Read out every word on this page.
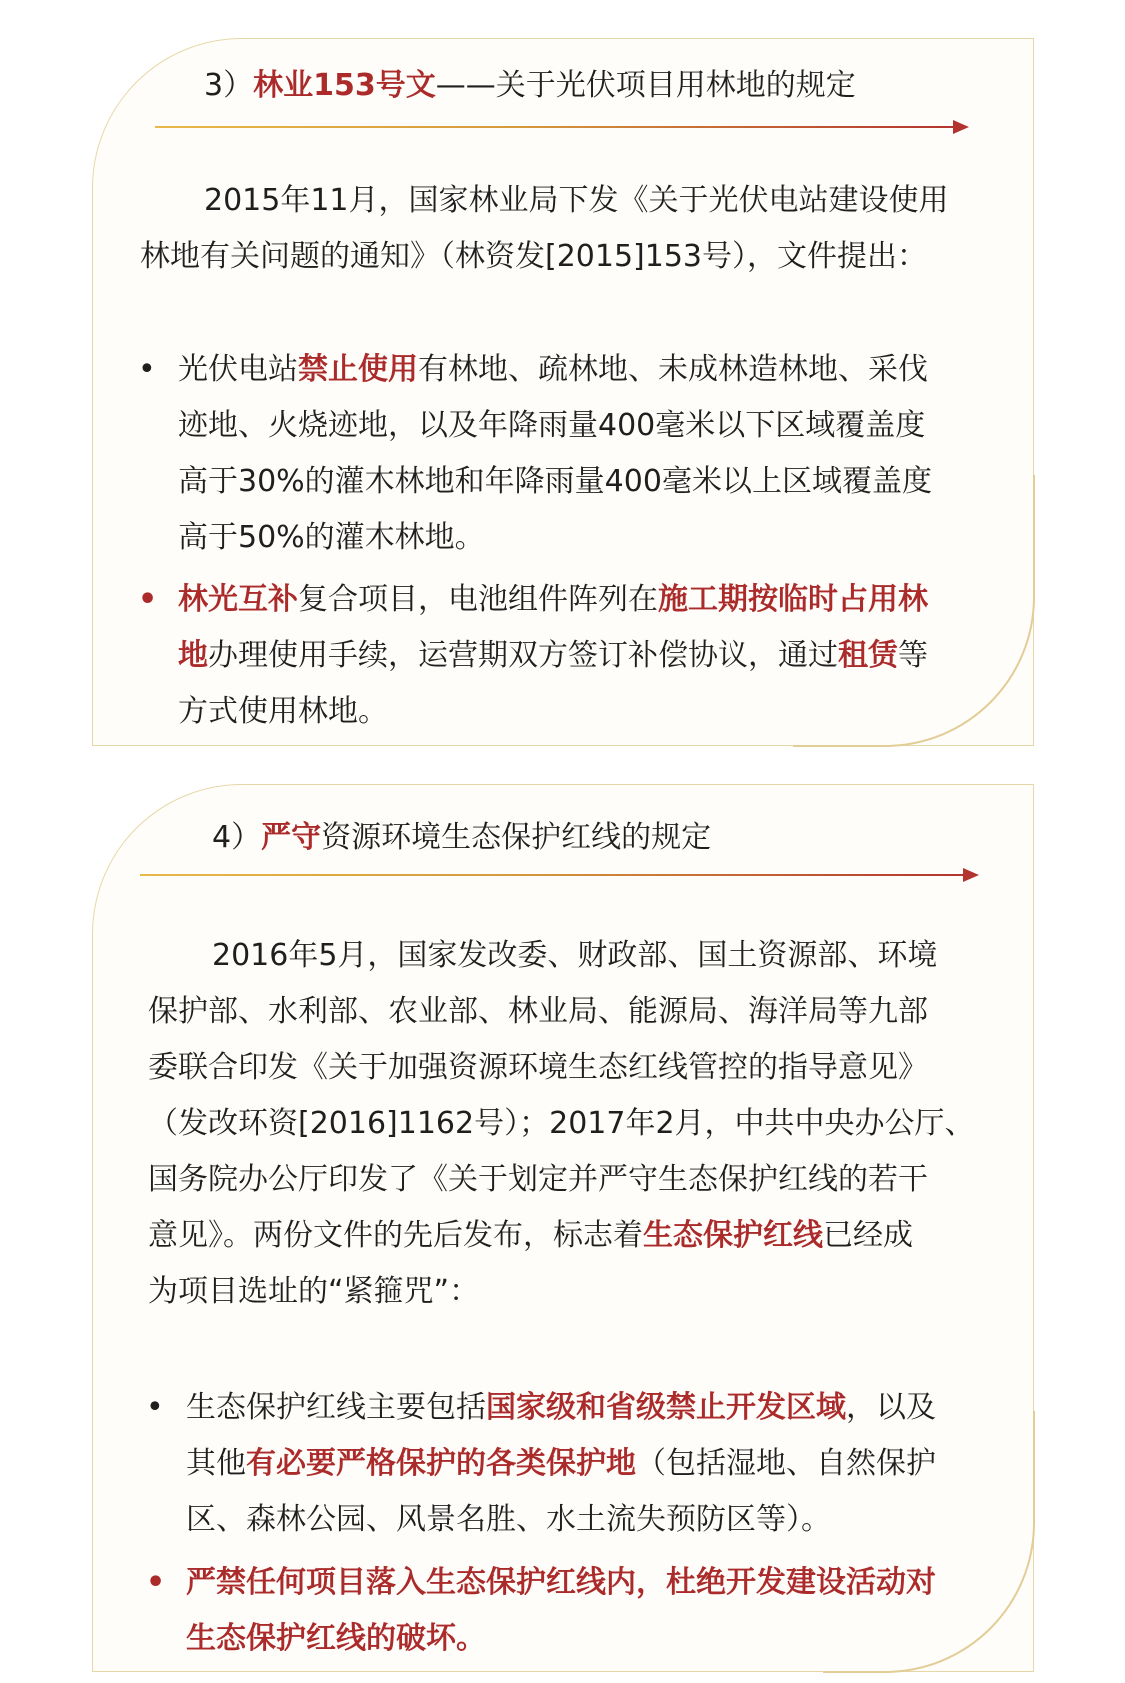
3）林业153号文——关于光伏项目用林地的规定
2015年11月，国家林业局下发《关于光伏电站建设使用
林地有关问题的通知》（林资发[2015]153号），文件提出：
• 光伏电站禁止使用有林地、疏林地、未成林造林地、采伐
迹地、火烧迹地，以及年降雨量400毫米以下区域覆盖度
高于30%的灌木林地和年降雨量400毫米以上区域覆盖度
高于50%的灌木林地。
• 林光互补复合项目，电池组件阵列在施工期按临时占用林
地办理使用手续，运营期双方签订补偿协议，通过租赁等
方式使用林地。
4）严守资源环境生态保护红线的规定
2016年5月，国家发改委、财政部、国土资源部、环境
保护部、水利部、农业部、林业局、能源局、海洋局等九部
委联合印发《关于加强资源环境生态红线管控的指导意见》
（发改环资[2016]1162号）；2017年2月，中共中央办公厅、
国务院办公厅印发了《关于划定并严守生态保护红线的若干
意见》。两份文件的先后发布，标志着生态保护红线已经成
为项目选址的“紧箍咒”：
• 生态保护红线主要包括国家级和省级禁止开发区域，以及
其他有必要严格保护的各类保护地（包括湿地、自然保护
区、森林公园、风景名胜、水土流失预防区等）。
• 严禁任何项目落入生态保护红线内，杜绝开发建设活动对
生态保护红线的破坏。
